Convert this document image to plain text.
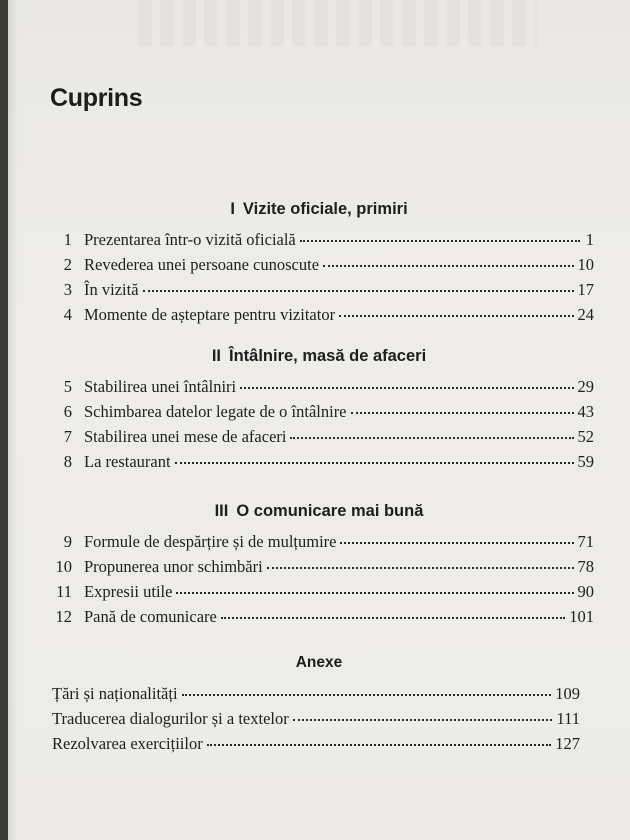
Cuprins
I Vizite oficiale, primiri
1 Prezentarea într-o vizită oficială	1
2 Revederea unei persoane cunoscute	10
3 În vizită	17
4 Momente de așteptare pentru vizitator	24
II Întâlnire, masă de afaceri
5 Stabilirea unei întâlniri	29
6 Schimbarea datelor legate de o întâlnire	43
7 Stabilirea unei mese de afaceri	52
8 La restaurant	59
III O comunicare mai bună
9 Formule de despărțire și de mulțumire	71
10 Propunerea unor schimbări	78
11 Expresii utile	90
12 Pană de comunicare	101
Anexe
Țări și naționalități	109
Traducerea dialogurilor și a textelor	111
Rezolvarea exercițiilor	127
